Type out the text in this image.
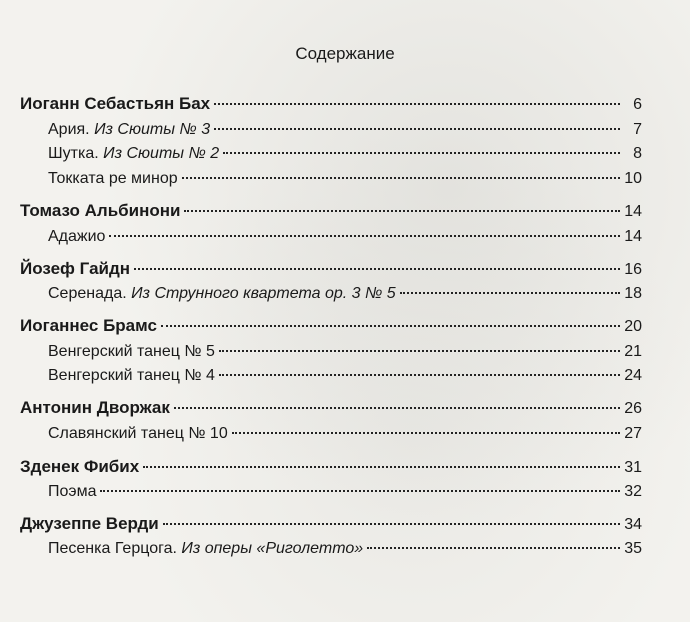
Содержание
Иоганн Себастьян Бах	6
Ария. Из Сюиты № 3	7
Шутка. Из Сюиты № 2	8
Токката ре минор	10
Томазо Альбинони	14
Адажио	14
Йозеф Гайдн	16
Серенада. Из Струнного квартета ор. 3 № 5	18
Иоганнес Брамс	20
Венгерский танец № 5	21
Венгерский танец № 4	24
Антонин Дворжак	26
Славянский танец № 10	27
Зденек Фибих	31
Поэма	32
Джузеппе Верди	34
Песенка Герцога. Из оперы «Риголетто»	35
